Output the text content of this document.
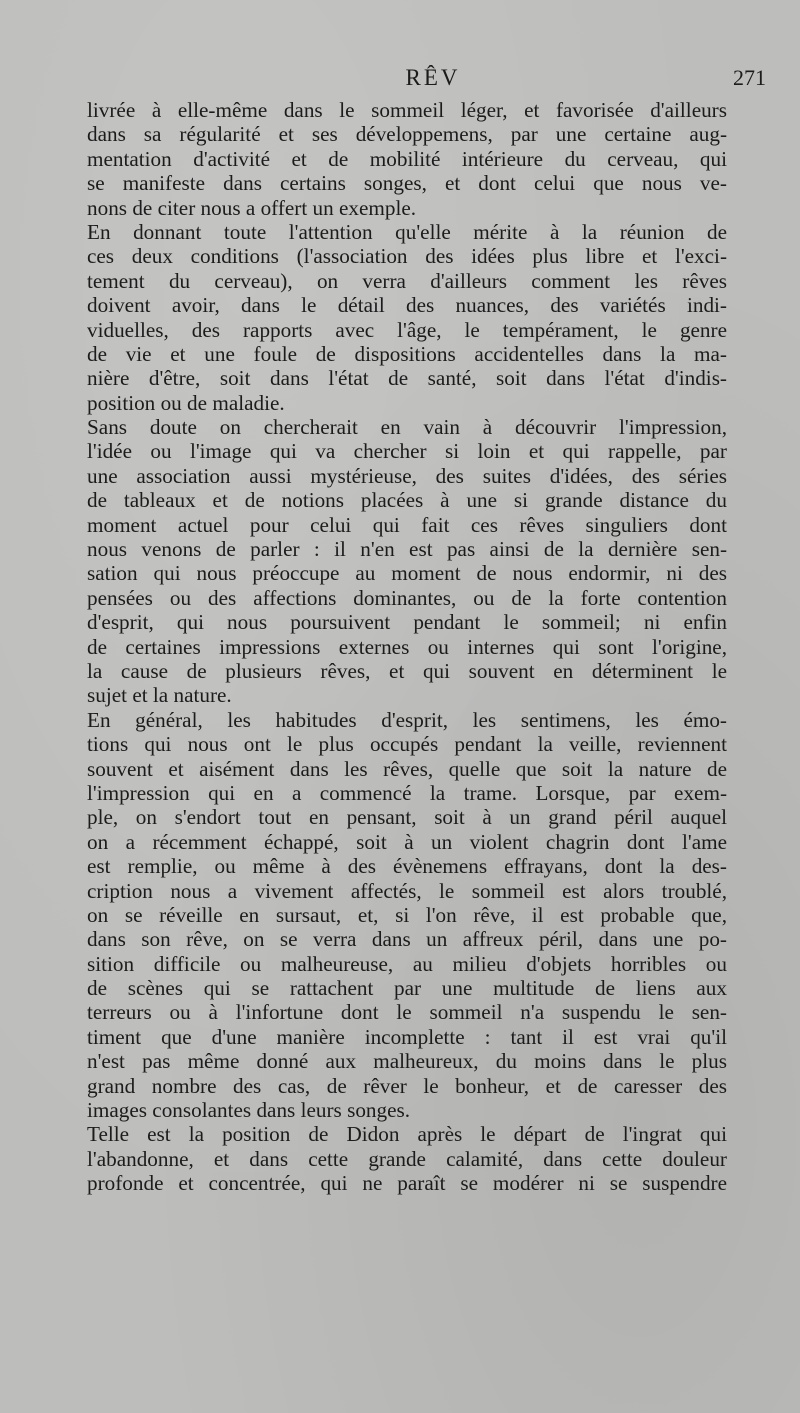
RÊV	271
livrée à elle-même dans le sommeil léger, et favorisée d'ailleurs
dans sa régularité et ses développemens, par une certaine aug-
mentation d'activité et de mobilité intérieure du cerveau, qui
se manifeste dans certains songes, et dont celui que nous ve-
nons de citer nous a offert un exemple.
En donnant toute l'attention qu'elle mérite à la réunion de
ces deux conditions (l'association des idées plus libre et l'exci-
tement du cerveau), on verra d'ailleurs comment les rêves
doivent avoir, dans le détail des nuances, des variétés indi-
viduelles, des rapports avec l'âge, le tempérament, le genre
de vie et une foule de dispositions accidentelles dans la ma-
nière d'être, soit dans l'état de santé, soit dans l'état d'indis-
position ou de maladie.
Sans doute on chercherait en vain à découvrir l'impression,
l'idée ou l'image qui va chercher si loin et qui rappelle, par
une association aussi mystérieuse, des suites d'idées, des séries
de tableaux et de notions placées à une si grande distance du
moment actuel pour celui qui fait ces rêves singuliers dont
nous venons de parler : il n'en est pas ainsi de la dernière sen-
sation qui nous préoccupe au moment de nous endormir, ni des
pensées ou des affections dominantes, ou de la forte contention
d'esprit, qui nous poursuivent pendant le sommeil; ni enfin
de certaines impressions externes ou internes qui sont l'origine,
la cause de plusieurs rêves, et qui souvent en déterminent le
sujet et la nature.
En général, les habitudes d'esprit, les sentimens, les émo-
tions qui nous ont le plus occupés pendant la veille, reviennent
souvent et aisément dans les rêves, quelle que soit la nature de
l'impression qui en a commencé la trame. Lorsque, par exem-
ple, on s'endort tout en pensant, soit à un grand péril auquel
on a récemment échappé, soit à un violent chagrin dont l'ame
est remplie, ou même à des évènemens effrayans, dont la des-
cription nous a vivement affectés, le sommeil est alors troublé,
on se réveille en sursaut, et, si l'on rêve, il est probable que,
dans son rêve, on se verra dans un affreux péril, dans une po-
sition difficile ou malheureuse, au milieu d'objets horribles ou
de scènes qui se rattachent par une multitude de liens aux
terreurs ou à l'infortune dont le sommeil n'a suspendu le sen-
timent que d'une manière incomplette : tant il est vrai qu'il
n'est pas même donné aux malheureux, du moins dans le plus
grand nombre des cas, de rêver le bonheur, et de caresser des
images consolantes dans leurs songes.
Telle est la position de Didon après le départ de l'ingrat qui
l'abandonne, et dans cette grande calamité, dans cette douleur
profonde et concentrée, qui ne paraît se modérer ni se suspendre
